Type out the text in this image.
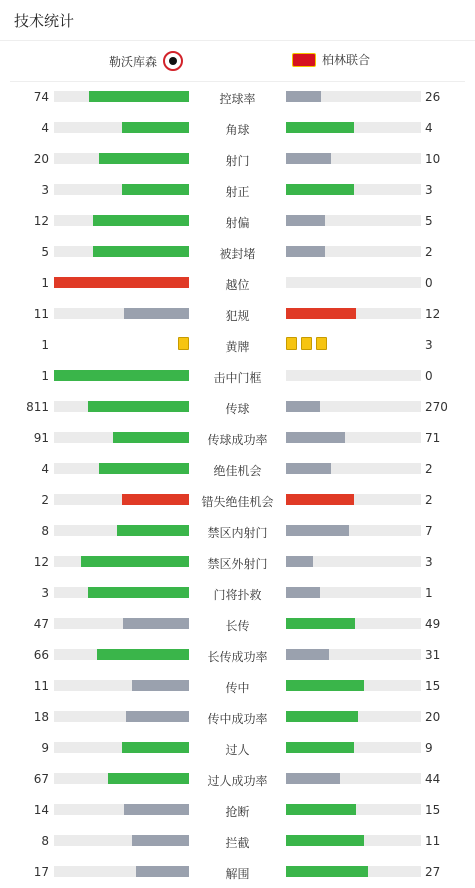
技术统计
勒沃库森	柏林联合
74	控球率	26
4	角球	4
20	射门	10
3	射正	3
12	射偏	5
5	被封堵	2
1	越位	0
11	犯规	12
1	黄牌	3
1	击中门框	0
811	传球	270
91	传球成功率	71
4	绝佳机会	2
2	错失绝佳机会	2
8	禁区内射门	7
12	禁区外射门	3
3	门将扑救	1
47	长传	49
66	长传成功率	31
11	传中	15
18	传中成功率	20
9	过人	9
67	过人成功率	44
14	抢断	15
8	拦截	11
17	解围	27
